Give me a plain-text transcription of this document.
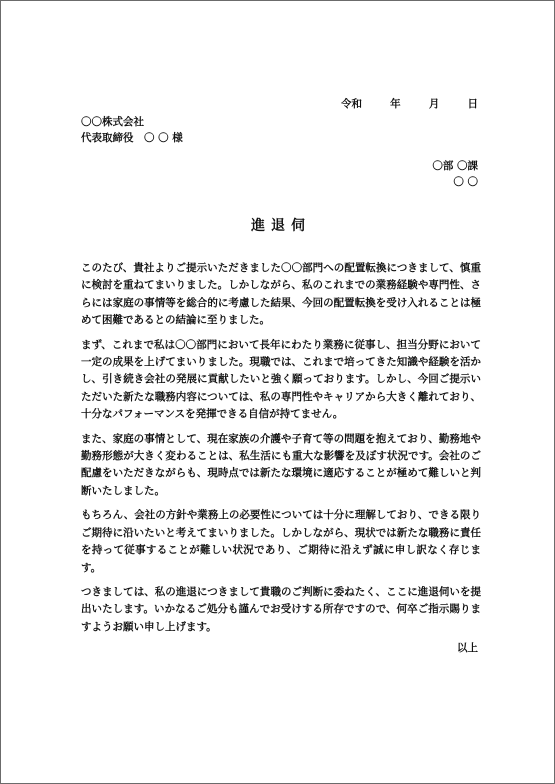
令和　 年　 月　 日
〇〇株式会社
代表取締役　〇 〇 様
〇部 〇課
〇 〇
進退伺

このたび、貴社よりご提示いただきました〇〇部門への配置転換につきまして、慎重に検討を重ねてまいりました。しかしながら、私のこれまでの業務経験や専門性、さらには家庭の事情等を総合的に考慮した結果、今回の配置転換を受け入れることは極めて困難であるとの結論に至りました。

まず、これまで私は〇〇部門において長年にわたり業務に従事し、担当分野において一定の成果を上げてまいりました。現職では、これまで培ってきた知識や経験を活かし、引き続き会社の発展に貢献したいと強く願っております。しかし、今回ご提示いただいた新たな職務内容については、私の専門性やキャリアから大きく離れており、十分なパフォーマンスを発揮できる自信が持てません。

また、家庭の事情として、現在家族の介護や子育て等の問題を抱えており、勤務地や勤務形態が大きく変わることは、私生活にも重大な影響を及ぼす状況です。会社のご配慮をいただきながらも、現時点では新たな環境に適応することが極めて難しいと判断いたしました。

もちろん、会社の方針や業務上の必要性については十分に理解しており、できる限りご期待に沿いたいと考えてまいりました。しかしながら、現状では新たな職務に責任を持って従事することが難しい状況であり、ご期待に沿えず誠に申し訳なく存じます。

つきましては、私の進退につきまして貴職のご判断に委ねたく、ここに進退伺いを提出いたします。いかなるご処分も謹んでお受けする所存ですので、何卒ご指示賜りますようお願い申し上げます。

以上
